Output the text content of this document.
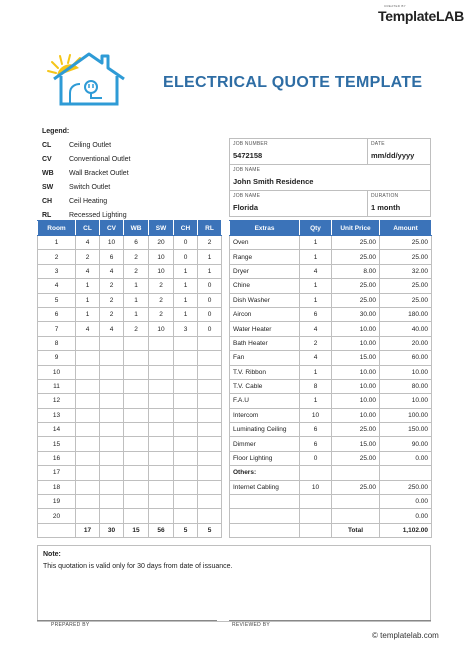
CREATED BY
TemplateLAB
ELECTRICAL QUOTE TEMPLATE
Legend:
CL	Ceiling Outlet
CV	Conventional Outlet
WB	Wall Bracket Outlet
SW	Switch Outlet
CH	Ceil Heating
RL	Recessed Lighting
JOB NUMBER
5472158
DATE
mm/dd/yyyy
JOB NAME
John Smith Residence
JOB NAME
Florida
DURATION
1 month
Room	CL	CV	WB	SW	CH	RL
1	4	10	6	20	0	2
2	2	6	2	10	0	1
3	4	4	2	10	1	1
4	1	2	1	2	1	0
5	1	2	1	2	1	0
6	1	2	1	2	1	0
7	4	4	2	10	3	0
8						
9						
10						
11						
12						
13						
14						
15						
16						
17						
18						
19						
20						
	17	30	15	56	5	5
Extras	Qty	Unit Price	Amount
Oven	1	25.00	25.00
Range	1	25.00	25.00
Dryer	4	8.00	32.00
Chine	1	25.00	25.00
Dish Washer	1	25.00	25.00
Aircon	6	30.00	180.00
Water Heater	4	10.00	40.00
Bath Heater	2	10.00	20.00
Fan	4	15.00	60.00
T.V. Ribbon	1	10.00	10.00
T.V. Cable	8	10.00	80.00
F.A.U	1	10.00	10.00
Intercom	10	10.00	100.00
Luminating Ceiling	6	25.00	150.00
Dimmer	6	15.00	90.00
Floor Lighting	0	25.00	0.00
Others:			
Internet Cabling	10	25.00	250.00
			0.00
			0.00
		Total	1,102.00
Note:
This quotation is valid only for 30 days from date of issuance.
PREPARED BY	REVIEWED BY
© templatelab.com
